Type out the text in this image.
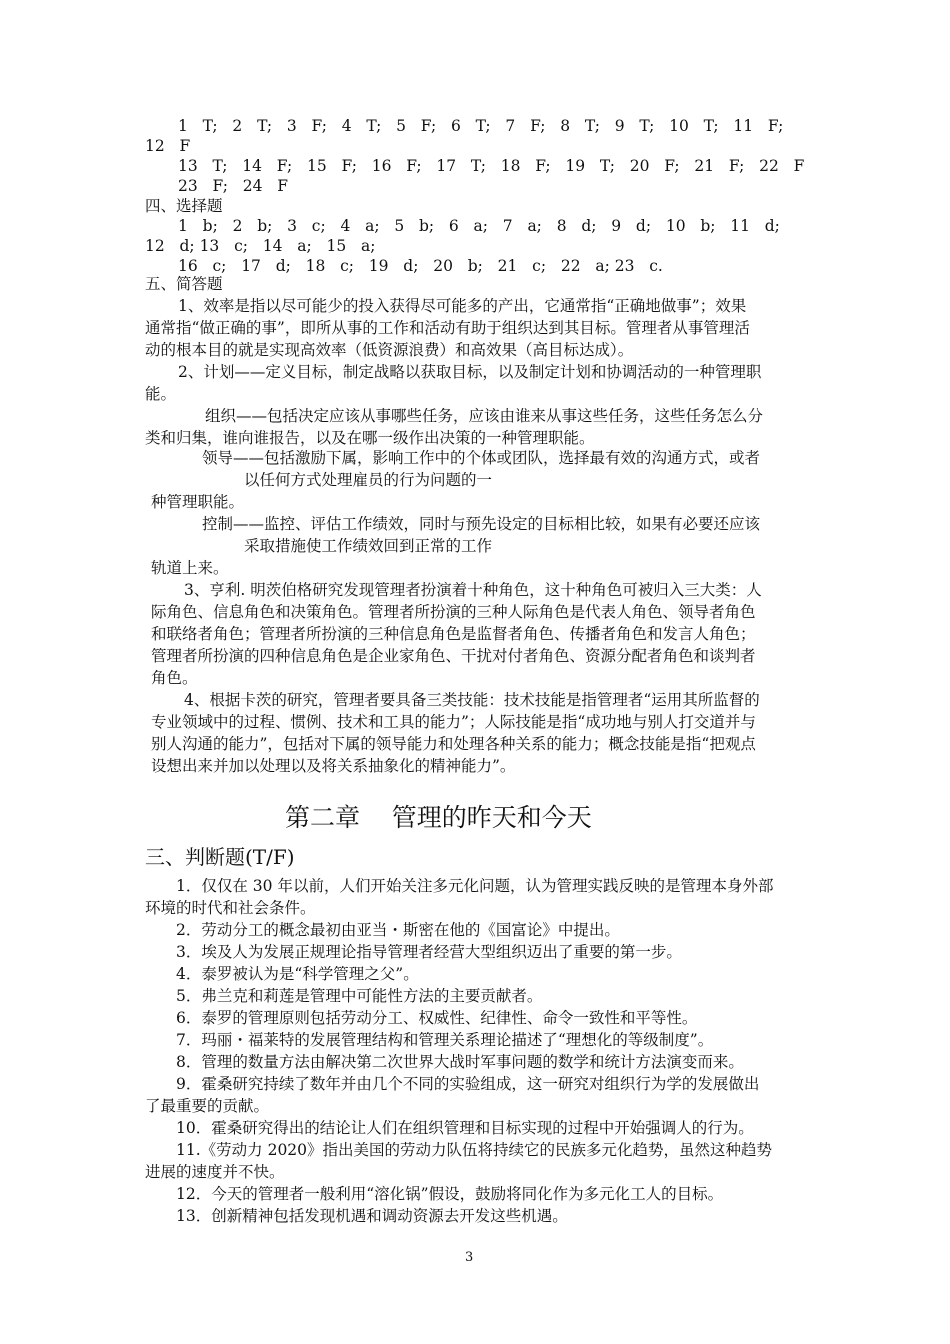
1   T;   2   T;   3   F;   4   T;   5   F;   6   T;   7   F;   8   T;   9   T;   10   T;   11   F;

12   F

13   T;   14   F;   15   F;   16   F;   17   T;   18   F;   19   T;   20   F;   21   F;   22   F

23   F;   24   F

四、选择题

1   b;   2   b;   3   c;   4   a;   5   b;   6   a;   7   a;   8   d;   9   d;   10   b;   11   d;

12   d; 13   c;   14   a;   15   a;

16   c;   17   d;   18   c;   19   d;   20   b;   21   c;   22   a; 23   c.

五、简答题

1、效率是指以尽可能少的投入获得尽可能多的产出，它通常指“正确地做事”；效果

通常指“做正确的事”，即所从事的工作和活动有助于组织达到其目标。管理者从事管理活

动的根本目的就是实现高效率（低资源浪费）和高效果（高目标达成）。

2、计划——定义目标，制定战略以获取目标，以及制定计划和协调活动的一种管理职

能。

组织——包括决定应该从事哪些任务，应该由谁来从事这些任务，这些任务怎么分

类和归集，谁向谁报告，以及在哪一级作出决策的一种管理职能。

领导——包括激励下属，影响工作中的个体或团队，选择最有效的沟通方式，或者

以任何方式处理雇员的行为问题的一

种管理职能。

控制——监控、评估工作绩效，同时与预先设定的目标相比较，如果有必要还应该

采取措施使工作绩效回到正常的工作

轨道上来。

3、亨利. 明茨伯格研究发现管理者扮演着十种角色，这十种角色可被归入三大类：人

际角色、信息角色和决策角色。管理者所扮演的三种人际角色是代表人角色、领导者角色

和联络者角色；管理者所扮演的三种信息角色是监督者角色、传播者角色和发言人角色；

管理者所扮演的四种信息角色是企业家角色、干扰对付者角色、资源分配者角色和谈判者

角色。

4、根据卡茨的研究，管理者要具备三类技能：技术技能是指管理者“运用其所监督的

专业领域中的过程、惯例、技术和工具的能力”；人际技能是指“成功地与别人打交道并与

别人沟通的能力”，包括对下属的领导能力和处理各种关系的能力；概念技能是指“把观点

设想出来并加以处理以及将关系抽象化的精神能力”。

第二章    管理的昨天和今天
三、判断题(T/F)

1．仅仅在 30 年以前，人们开始关注多元化问题，认为管理实践反映的是管理本身外部

环境的时代和社会条件。

2．劳动分工的概念最初由亚当・斯密在他的《国富论》中提出。

3．埃及人为发展正规理论指导管理者经营大型组织迈出了重要的第一步。

4．泰罗被认为是“科学管理之父”。

5．弗兰克和莉莲是管理中可能性方法的主要贡献者。

6．泰罗的管理原则包括劳动分工、权威性、纪律性、命令一致性和平等性。

7．玛丽・福莱特的发展管理结构和管理关系理论描述了“理想化的等级制度”。

8．管理的数量方法由解决第二次世界大战时军事问题的数学和统计方法演变而来。

9．霍桑研究持续了数年并由几个不同的实验组成，这一研究对组织行为学的发展做出

了最重要的贡献。

10．霍桑研究得出的结论让人们在组织管理和目标实现的过程中开始强调人的行为。

11.《劳动力 2020》指出美国的劳动力队伍将持续它的民族多元化趋势，虽然这种趋势

进展的速度并不快。

12．今天的管理者一般利用“溶化锅”假设，鼓励将同化作为多元化工人的目标。

13．创新精神包括发现机遇和调动资源去开发这些机遇。

3
